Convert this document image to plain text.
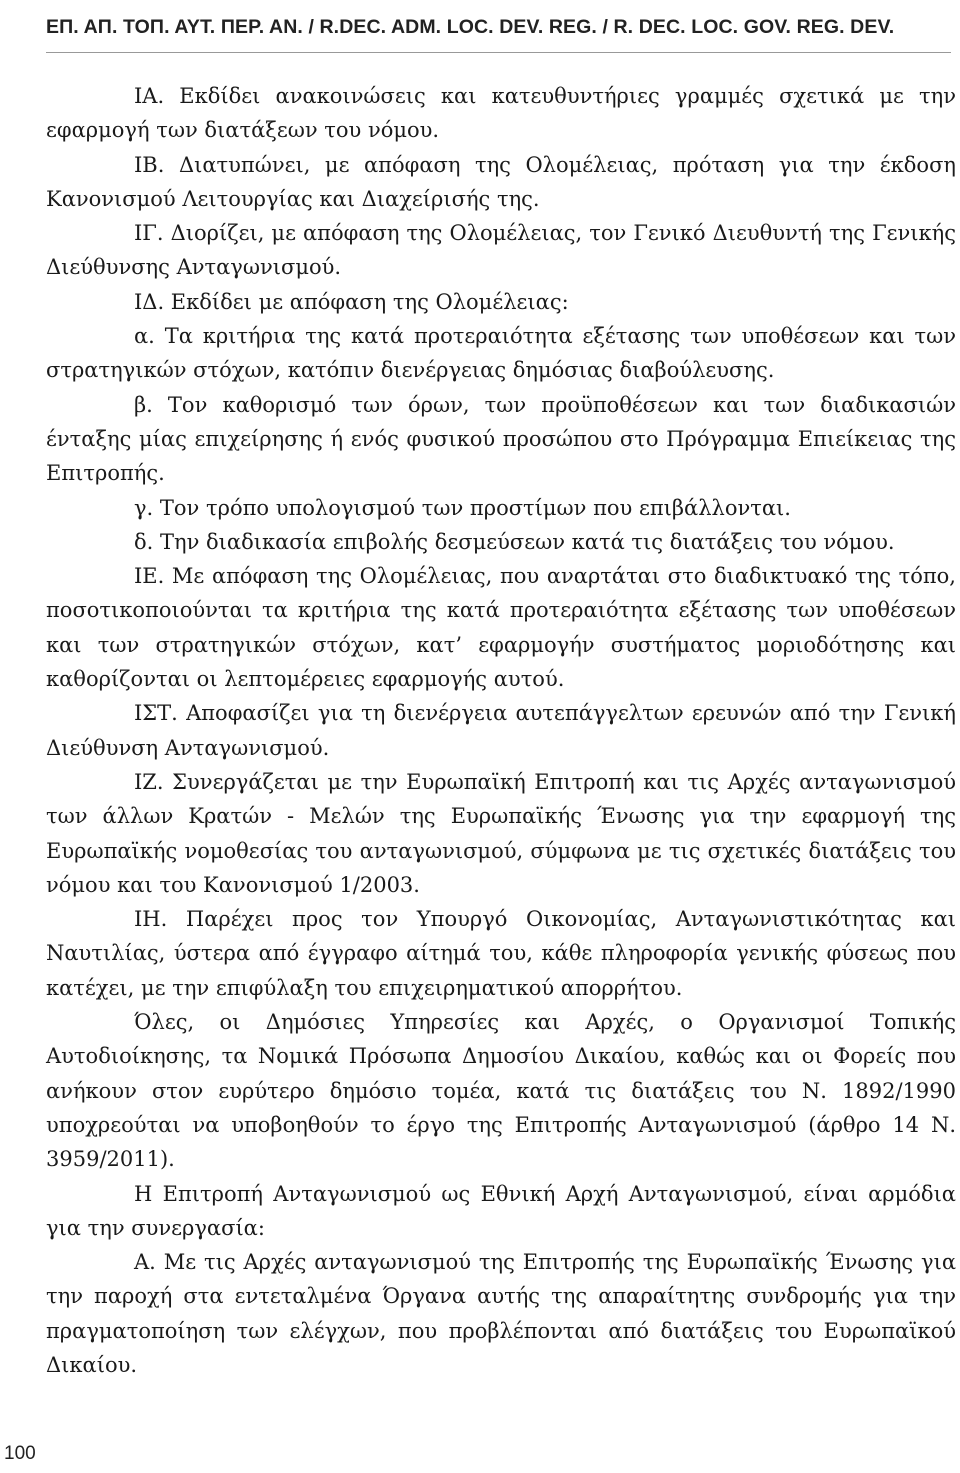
ΕΠ. ΑΠ. ΤΟΠ. ΑΥΤ. ΠΕΡ. ΑΝ. / R.DEC. ADM. LOC. DEV. REG. / R. DEC. LOC. GOV. REG. DEV.

ΙΑ. Εκδίδει ανακοινώσεις και κατευθυντήριες γραμμές σχετικά με την εφαρμογή των διατάξεων του νόμου.

ΙΒ. Διατυπώνει, με απόφαση της Ολομέλειας, πρόταση για την έκδοση Κανονισμού Λειτουργίας και Διαχείρισής της.

ΙΓ. Διορίζει, με απόφαση της Ολομέλειας, τον Γενικό Διευθυντή της Γενικής Διεύθυνσης Ανταγωνισμού.

ΙΔ. Εκδίδει με απόφαση της Ολομέλειας:

α. Τα κριτήρια της κατά προτεραιότητα εξέτασης των υποθέσεων και των στρατηγικών στόχων, κατόπιν διενέργειας δημόσιας διαβούλευσης.

β. Τον καθορισμό των όρων, των προϋποθέσεων και των διαδικασιών ένταξης μίας επιχείρησης ή ενός φυσικού προσώπου στο Πρόγραμμα Επιείκειας της Επιτροπής.

γ. Τον τρόπο υπολογισμού των προστίμων που επιβάλλονται.

δ. Την διαδικασία επιβολής δεσμεύσεων κατά τις διατάξεις του νόμου.

ΙΕ. Με απόφαση της Ολομέλειας, που αναρτάται στο διαδικτυακό της τόπο, ποσοτικοποιούνται τα κριτήρια της κατά προτεραιότητα εξέτασης των υποθέσεων και των στρατηγικών στόχων, κατ’ εφαρμογήν συστήματος μοριοδότησης και καθορίζονται οι λεπτομέρειες εφαρμογής αυτού.

ΙΣΤ. Αποφασίζει για τη διενέργεια αυτεπάγγελτων ερευνών από την Γενική Διεύθυνση Ανταγωνισμού.

ΙΖ. Συνεργάζεται με την Ευρωπαϊκή Επιτροπή και τις Αρχές ανταγωνισμού των άλλων Κρατών - Μελών της Ευρωπαϊκής Ένωσης για την εφαρμογή της Ευρωπαϊκής νομοθεσίας του ανταγωνισμού, σύμφωνα με τις σχετικές διατάξεις του νόμου και του Κανονισμού 1/2003.

ΙΗ. Παρέχει προς τον Υπουργό Οικονομίας, Ανταγωνιστικότητας και Ναυτιλίας, ύστερα από έγγραφο αίτημά του, κάθε πληροφορία γενικής φύσεως που κατέχει, με την επιφύλαξη του επιχειρηματικού απορρήτου.

Όλες, οι Δημόσιες Υπηρεσίες και Αρχές, ο Οργανισμοί Τοπικής Αυτοδιοίκησης, τα Νομικά Πρόσωπα Δημοσίου Δικαίου, καθώς και οι Φορείς που ανήκουν στον ευρύτερο δημόσιο τομέα, κατά τις διατάξεις του Ν. 1892/1990 υποχρεούται να υποβοηθούν το έργο της Επιτροπής Ανταγωνισμού (άρθρο 14 Ν. 3959/2011).

Η Επιτροπή Ανταγωνισμού ως Εθνική Αρχή Ανταγωνισμού, είναι αρμόδια για την συνεργασία:

Α. Με τις Αρχές ανταγωνισμού της Επιτροπής της Ευρωπαϊκής Ένωσης για την παροχή στα εντεταλμένα Όργανα αυτής της απαραίτητης συνδρομής για την πραγματοποίηση των ελέγχων, που προβλέπονται από διατάξεις του Ευρωπαϊκού Δικαίου.

100
